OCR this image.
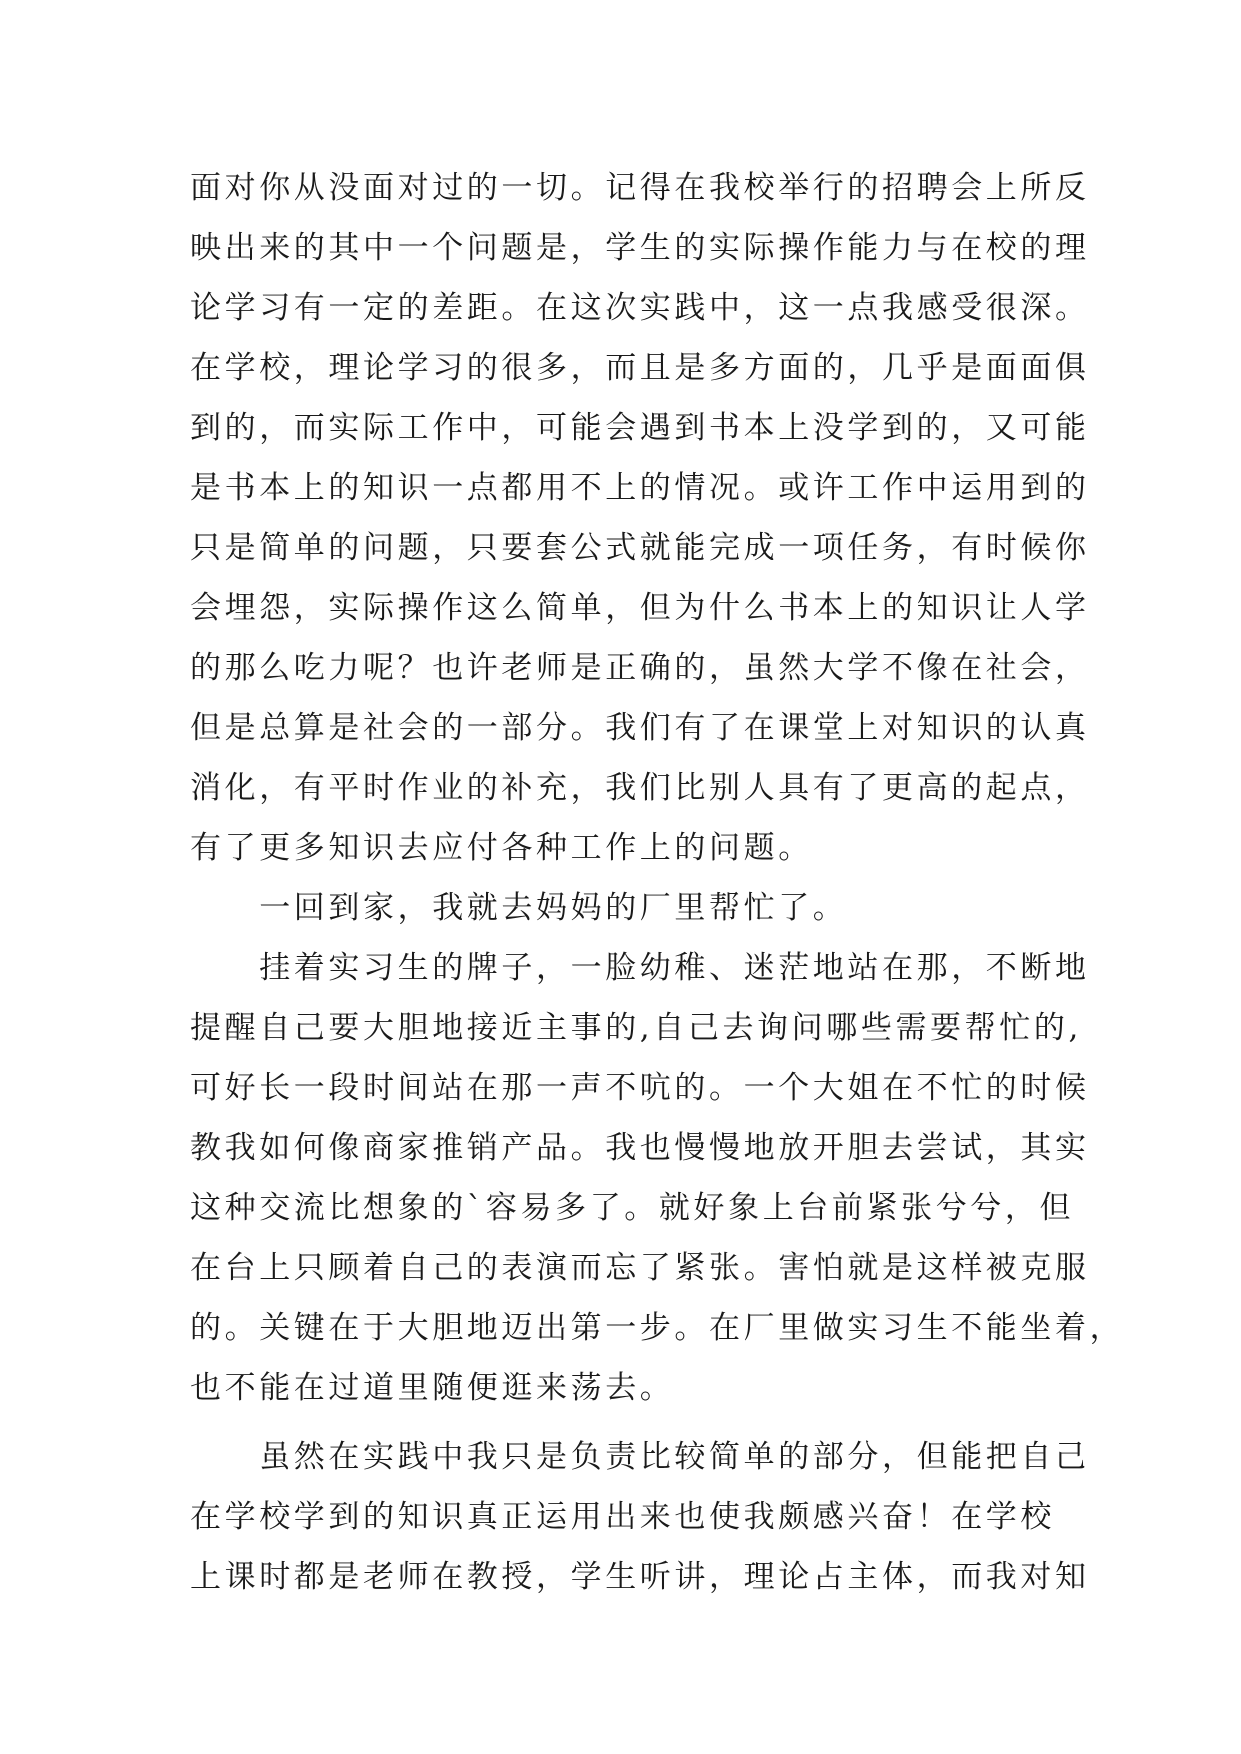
面对你从没面对过的一切。记得在我校举行的招聘会上所反
映出来的其中一个问题是，学生的实际操作能力与在校的理
论学习有一定的差距。在这次实践中，这一点我感受很深。
在学校，理论学习的很多，而且是多方面的，几乎是面面俱
到的，而实际工作中，可能会遇到书本上没学到的，又可能
是书本上的知识一点都用不上的情况。或许工作中运用到的
只是简单的问题，只要套公式就能完成一项任务，有时候你
会埋怨，实际操作这么简单，但为什么书本上的知识让人学
的那么吃力呢？也许老师是正确的，虽然大学不像在社会，
但是总算是社会的一部分。我们有了在课堂上对知识的认真
消化，有平时作业的补充，我们比别人具有了更高的起点，
有了更多知识去应付各种工作上的问题。
　　一回到家，我就去妈妈的厂里帮忙了。
　　挂着实习生的牌子，一脸幼稚、迷茫地站在那，不断地
提醒自己要大胆地接近主事的,自己去询问哪些需要帮忙的,
可好长一段时间站在那一声不吭的。一个大姐在不忙的时候
教我如何像商家推销产品。我也慢慢地放开胆去尝试，其实
这种交流比想象的`容易多了。就好象上台前紧张兮兮，但
在台上只顾着自己的表演而忘了紧张。害怕就是这样被克服
的。关键在于大胆地迈出第一步。在厂里做实习生不能坐着，
也不能在过道里随便逛来荡去。
　　虽然在实践中我只是负责比较简单的部分，但能把自己
在学校学到的知识真正运用出来也使我颇感兴奋！在学校
上课时都是老师在教授，学生听讲，理论占主体，而我对知
